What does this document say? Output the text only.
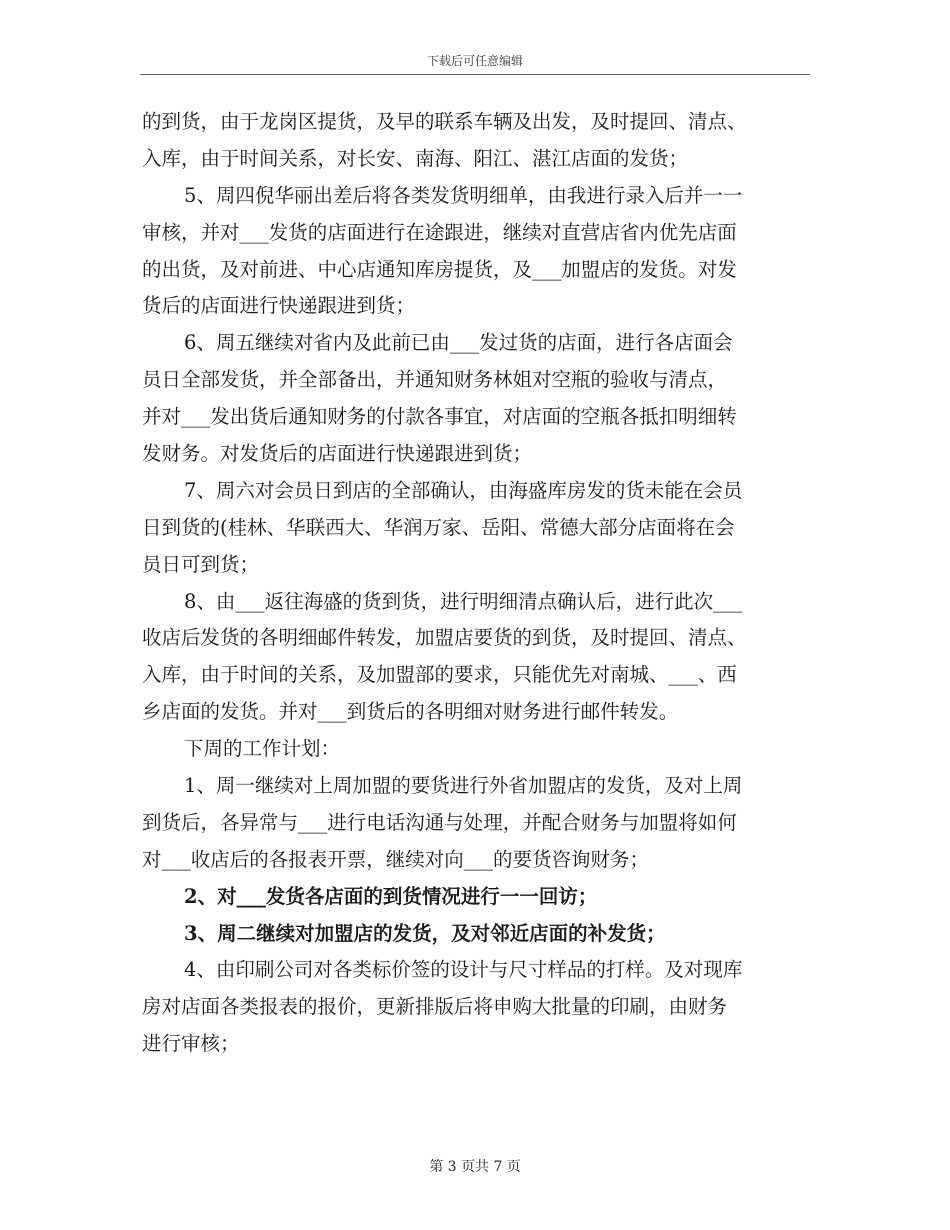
下载后可任意编辑
的到货，由于龙岗区提货，及早的联系车辆及出发，及时提回、清点、
入库，由于时间关系，对长安、南海、阳江、湛江店面的发货；
5、周四倪华丽出差后将各类发货明细单，由我进行录入后并一一
审核，并对___发货的店面进行在途跟进，继续对直营店省内优先店面
的出货，及对前进、中心店通知库房提货，及___加盟店的发货。对发
货后的店面进行快递跟进到货；
6、周五继续对省内及此前已由___发过货的店面，进行各店面会
员日全部发货，并全部备出，并通知财务林姐对空瓶的验收与清点，
并对___发出货后通知财务的付款各事宜，对店面的空瓶各抵扣明细转
发财务。对发货后的店面进行快递跟进到货；
7、周六对会员日到店的全部确认，由海盛库房发的货未能在会员
日到货的(桂林、华联西大、华润万家、岳阳、常德大部分店面将在会
员日可到货；
8、由___返往海盛的货到货，进行明细清点确认后，进行此次___
收店后发货的各明细邮件转发，加盟店要货的到货，及时提回、清点、
入库，由于时间的关系，及加盟部的要求，只能优先对南城、___、西
乡店面的发货。并对___到货后的各明细对财务进行邮件转发。
下周的工作计划：
1、周一继续对上周加盟的要货进行外省加盟店的发货，及对上周
到货后，各异常与___进行电话沟通与处理，并配合财务与加盟将如何
对___收店后的各报表开票，继续对向___的要货咨询财务；
2、对___发货各店面的到货情况进行一一回访；
3、周二继续对加盟店的发货，及对邻近店面的补发货；
4、由印刷公司对各类标价签的设计与尺寸样品的打样。及对现库
房对店面各类报表的报价，更新排版后将申购大批量的印刷，由财务
进行审核；
第 3 页共 7 页
